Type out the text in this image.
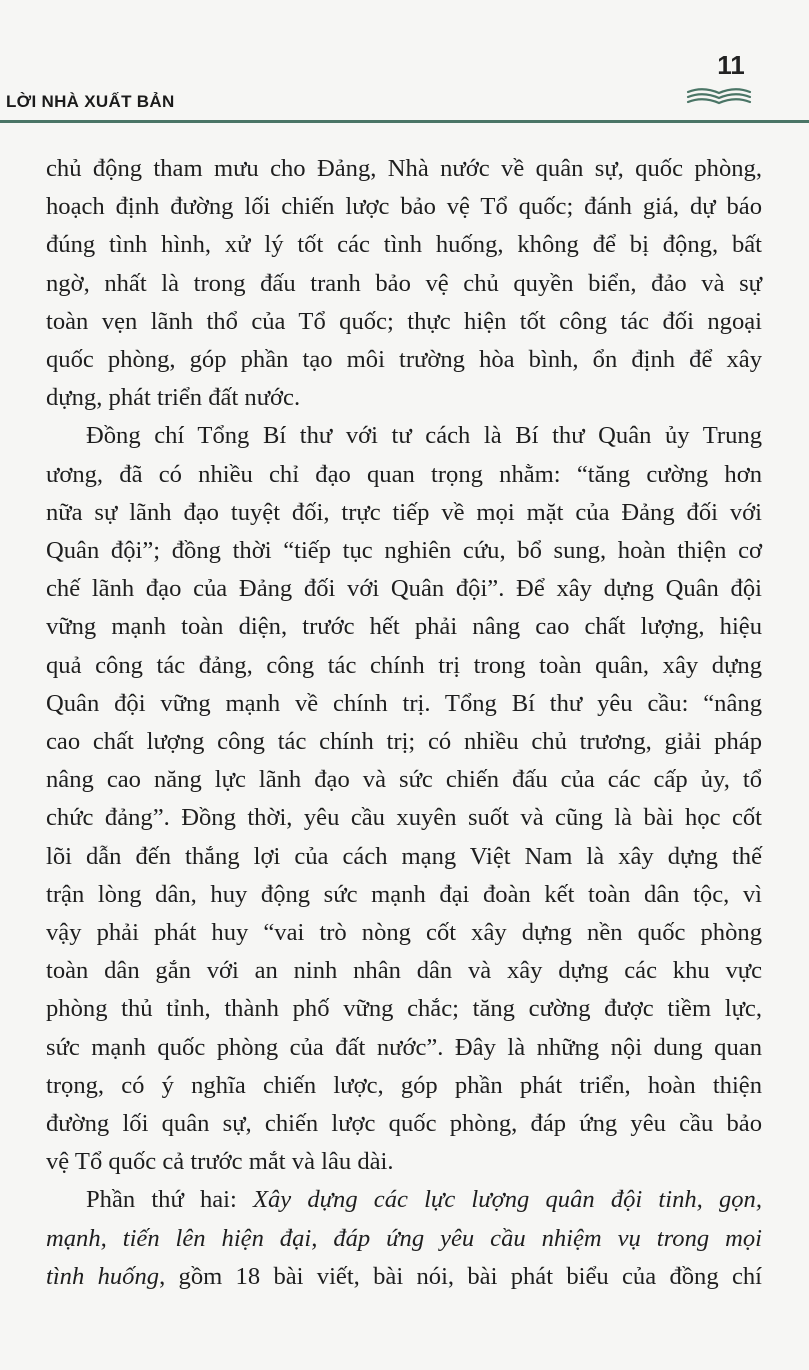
11
LỜI NHÀ XUẤT BẢN

chủ động tham mưu cho Đảng, Nhà nước về quân sự, quốc phòng,

hoạch định đường lối chiến lược bảo vệ Tổ quốc; đánh giá, dự báo

đúng tình hình, xử lý tốt các tình huống, không để bị động, bất

ngờ, nhất là trong đấu tranh bảo vệ chủ quyền biển, đảo và sự

toàn vẹn lãnh thổ của Tổ quốc; thực hiện tốt công tác đối ngoại

quốc phòng, góp phần tạo môi trường hòa bình, ổn định để xây

dựng, phát triển đất nước.

Đồng chí Tổng Bí thư với tư cách là Bí thư Quân ủy Trung

ương, đã có nhiều chỉ đạo quan trọng nhằm: “tăng cường hơn

nữa sự lãnh đạo tuyệt đối, trực tiếp về mọi mặt của Đảng đối với

Quân đội”; đồng thời “tiếp tục nghiên cứu, bổ sung, hoàn thiện cơ

chế lãnh đạo của Đảng đối với Quân đội”. Để xây dựng Quân đội

vững mạnh toàn diện, trước hết phải nâng cao chất lượng, hiệu

quả công tác đảng, công tác chính trị trong toàn quân, xây dựng

Quân đội vững mạnh về chính trị. Tổng Bí thư yêu cầu: “nâng

cao chất lượng công tác chính trị; có nhiều chủ trương, giải pháp

nâng cao năng lực lãnh đạo và sức chiến đấu của các cấp ủy, tổ

chức đảng”. Đồng thời, yêu cầu xuyên suốt và cũng là bài học cốt

lõi dẫn đến thắng lợi của cách mạng Việt Nam là xây dựng thế

trận lòng dân, huy động sức mạnh đại đoàn kết toàn dân tộc, vì

vậy phải phát huy “vai trò nòng cốt xây dựng nền quốc phòng

toàn dân gắn với an ninh nhân dân và xây dựng các khu vực

phòng thủ tỉnh, thành phố vững chắc; tăng cường được tiềm lực,

sức mạnh quốc phòng của đất nước”. Đây là những nội dung quan

trọng, có ý nghĩa chiến lược, góp phần phát triển, hoàn thiện

đường lối quân sự, chiến lược quốc phòng, đáp ứng yêu cầu bảo

vệ Tổ quốc cả trước mắt và lâu dài.

Phần thứ hai: Xây dựng các lực lượng quân đội tinh, gọn,

mạnh, tiến lên hiện đại, đáp ứng yêu cầu nhiệm vụ trong mọi

tình huống, gồm 18 bài viết, bài nói, bài phát biểu của đồng chí
